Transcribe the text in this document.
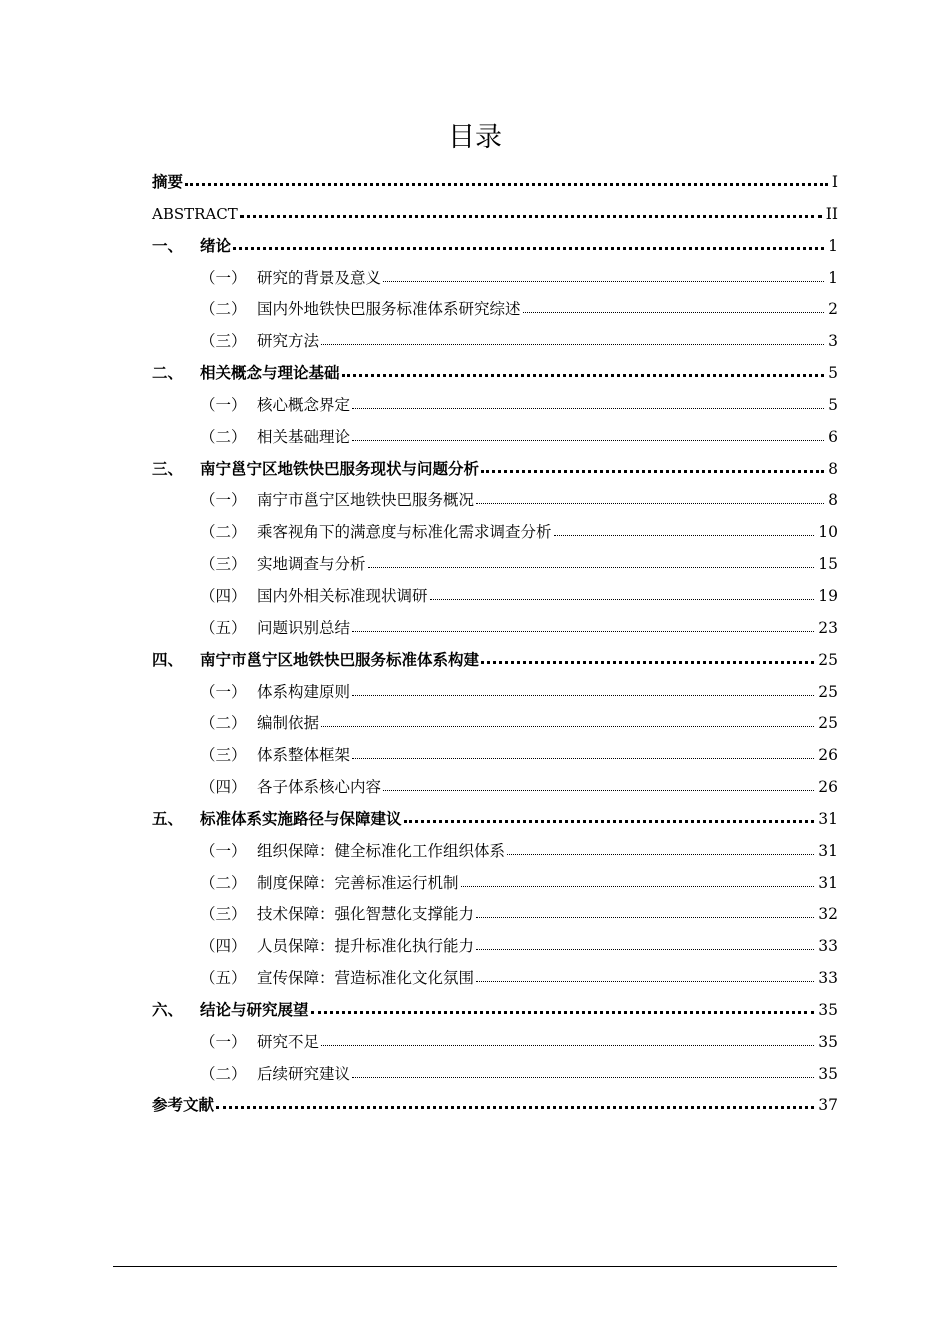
目录
摘要	I
ABSTRACT	II
一、	绪论	1
（一） 研究的背景及意义	1
（二） 国内外地铁快巴服务标准体系研究综述	2
（三） 研究方法	3
二、	相关概念与理论基础	5
（一） 核心概念界定	5
（二） 相关基础理论	6
三、	南宁邕宁区地铁快巴服务现状与问题分析	8
（一） 南宁市邕宁区地铁快巴服务概况	8
（二） 乘客视角下的满意度与标准化需求调查分析	10
（三） 实地调查与分析	15
（四） 国内外相关标准现状调研	19
（五） 问题识别总结	23
四、	南宁市邕宁区地铁快巴服务标准体系构建	25
（一） 体系构建原则	25
（二） 编制依据	25
（三） 体系整体框架	26
（四） 各子体系核心内容	26
五、	标准体系实施路径与保障建议	31
（一） 组织保障：健全标准化工作组织体系	31
（二） 制度保障：完善标准运行机制	31
（三） 技术保障：强化智慧化支撑能力	32
（四） 人员保障：提升标准化执行能力	33
（五） 宣传保障：营造标准化文化氛围	33
六、	结论与研究展望	35
（一） 研究不足	35
（二） 后续研究建议	35
参考文献	37
